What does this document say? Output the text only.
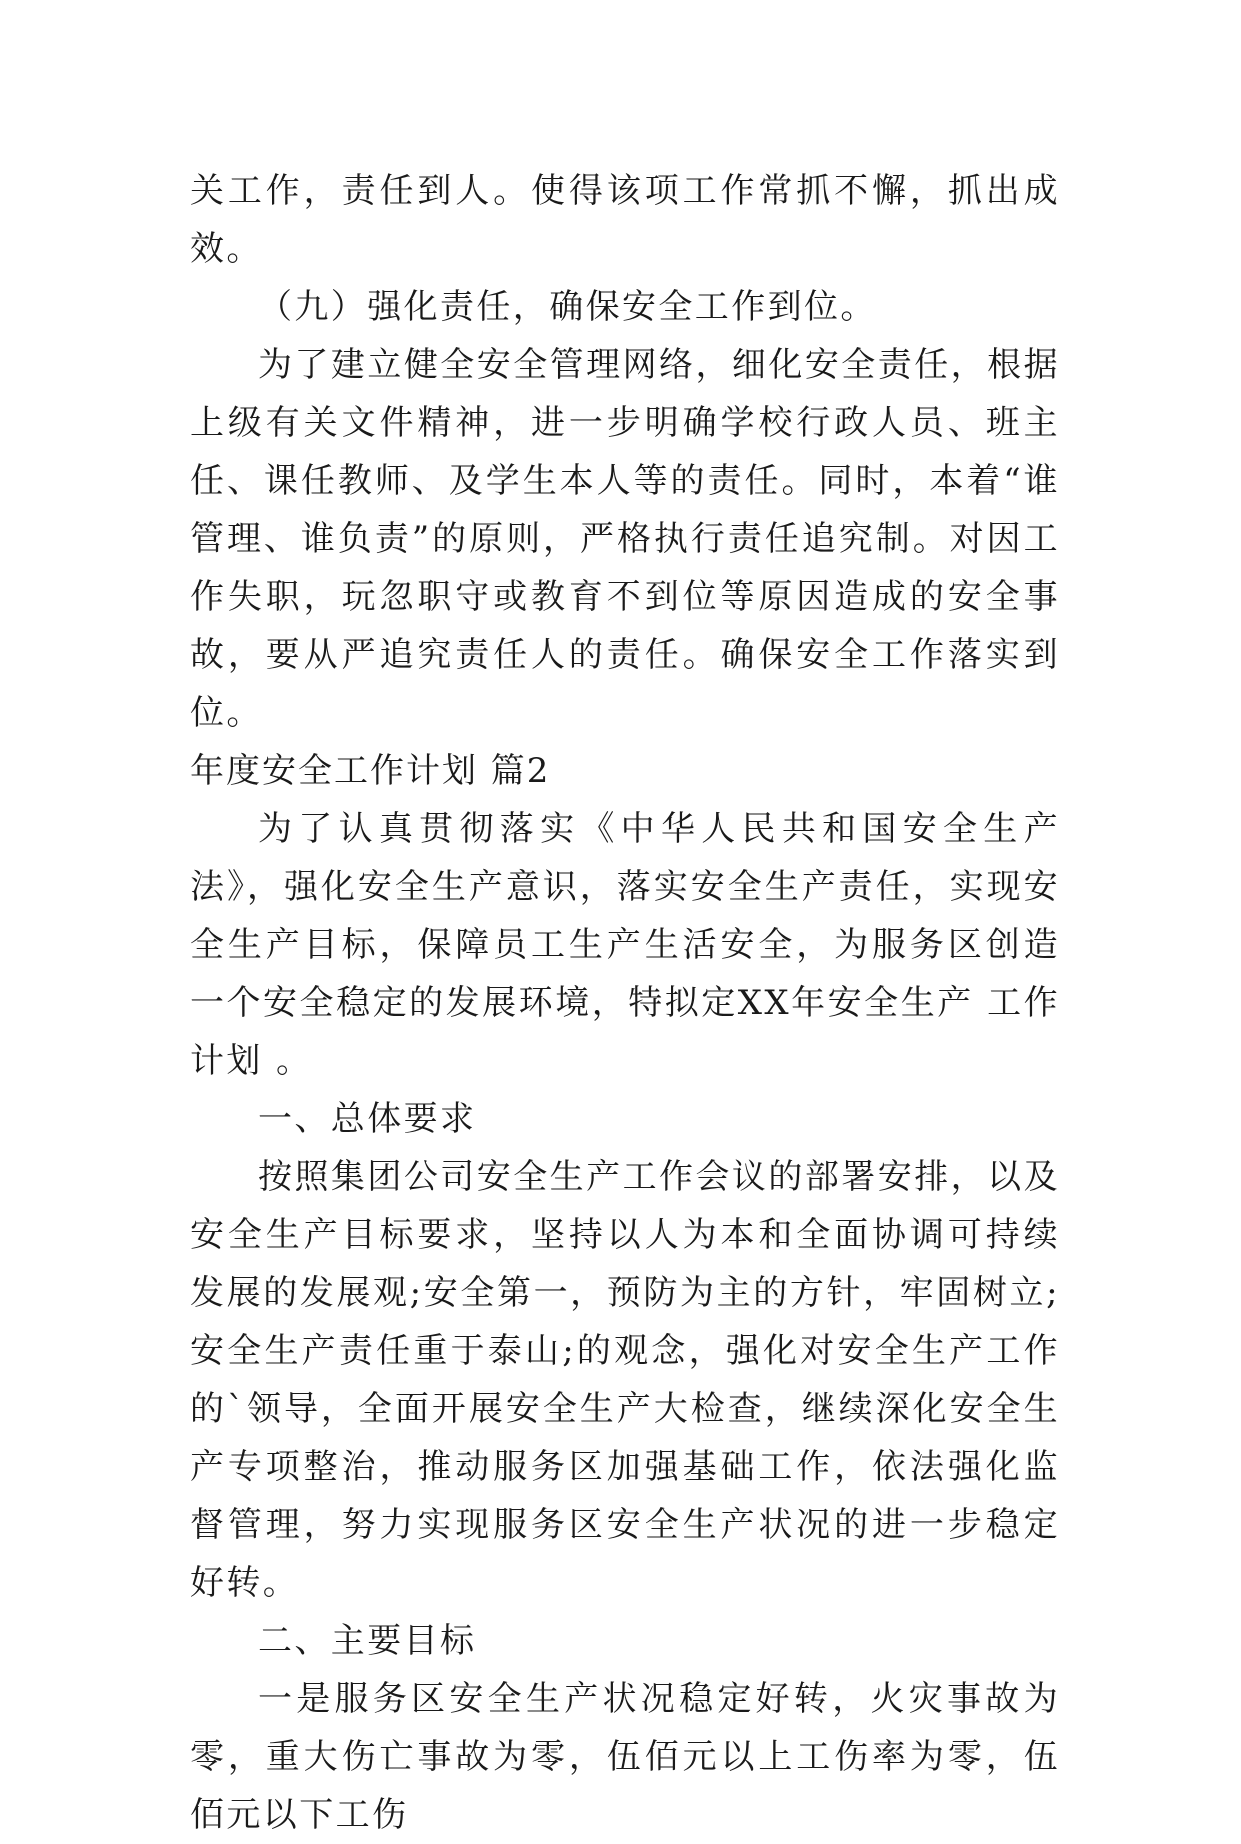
关工作，责任到人。使得该项工作常抓不懈，抓出成效。

（九）强化责任，确保安全工作到位。

为了建立健全安全管理网络，细化安全责任，根据上级有关文件精神，进一步明确学校行政人员、班主任、课任教师、及学生本人等的责任。同时，本着“谁管理、谁负责”的原则，严格执行责任追究制。对因工作失职，玩忽职守或教育不到位等原因造成的安全事故，要从严追究责任人的责任。确保安全工作落实到位。

年度安全工作计划 篇2

为了认真贯彻落实《中华人民共和国安全生产法》，强化安全生产意识，落实安全生产责任，实现安全生产目标，保障员工生产生活安全，为服务区创造一个安全稳定的发展环境，特拟定XX年安全生产 工作计划 。

一、总体要求

按照集团公司安全生产工作会议的部署安排，以及安全生产目标要求，坚持以人为本和全面协调可持续发展的发展观;安全第一，预防为主的方针，牢固树立;安全生产责任重于泰山;的观念，强化对安全生产工作的`领导，全面开展安全生产大检查，继续深化安全生产专项整治，推动服务区加强基础工作，依法强化监督管理，努力实现服务区安全生产状况的进一步稳定好转。

二、主要目标

一是服务区安全生产状况稳定好转，火灾事故为零，重大伤亡事故为零，伍佰元以上工伤率为零，伍佰元以下工伤
